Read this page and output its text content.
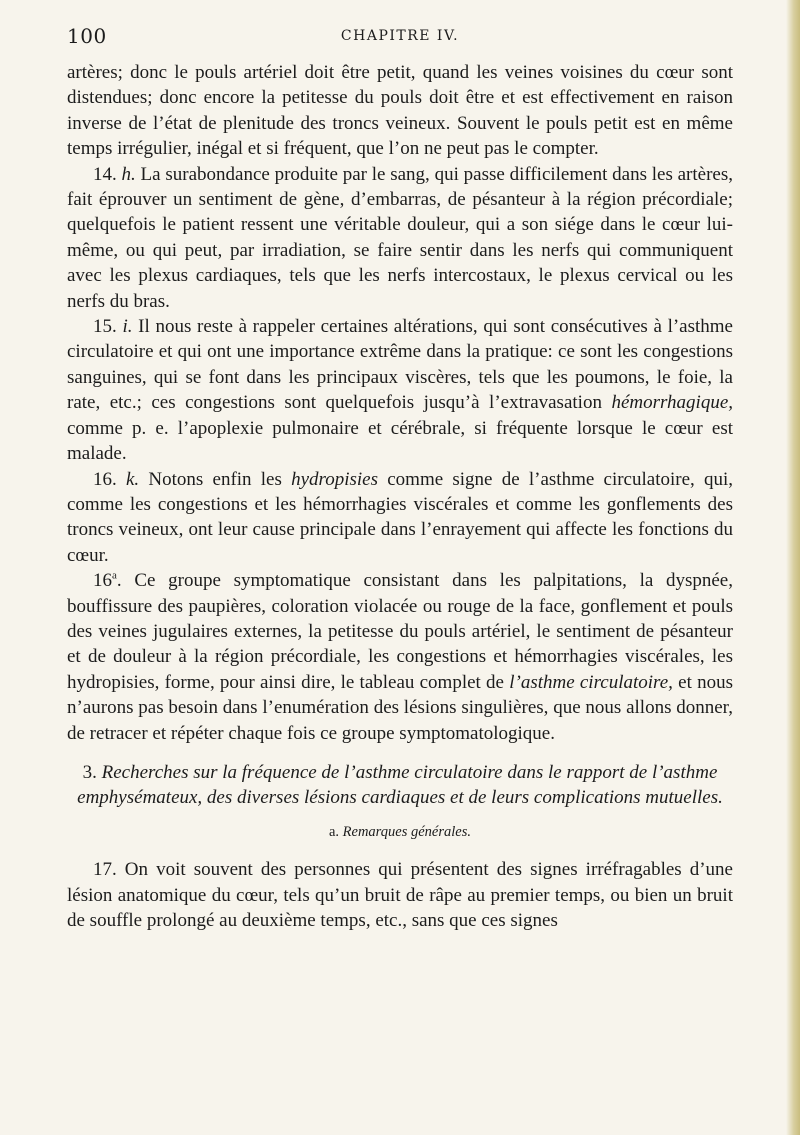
100	CHAPITRE IV.

artères; donc le pouls artériel doit être petit, quand les veines voisines du cœur sont distendues; donc encore la petitesse du pouls doit être et est effectivement en raison inverse de l’état de plenitude des troncs veineux. Souvent le pouls petit est en même temps irrégulier, inégal et si fréquent, que l’on ne peut pas le compter.

14. h. La surabondance produite par le sang, qui passe difficilement dans les artères, fait éprouver un sentiment de gène, d’embarras, de pésanteur à la région précordiale; quelquefois le patient ressent une véritable douleur, qui a son siége dans le cœur lui-même, ou qui peut, par irradiation, se faire sentir dans les nerfs qui communiquent avec les plexus cardiaques, tels que les nerfs intercostaux, le plexus cervical ou les nerfs du bras.

15. i. Il nous reste à rappeler certaines altérations, qui sont consécutives à l’asthme circulatoire et qui ont une importance extrême dans la pratique: ce sont les congestions sanguines, qui se font dans les principaux viscères, tels que les poumons, le foie, la rate, etc.; ces congestions sont quelquefois jusqu’à l’extravasation hémorrhagique, comme p. e. l’apoplexie pulmonaire et cérébrale, si fréquente lorsque le cœur est malade.

16. k. Notons enfin les hydropisies comme signe de l’asthme circulatoire, qui, comme les congestions et les hémorrhagies viscérales et comme les gonflements des troncs veineux, ont leur cause principale dans l’enrayement qui affecte les fonctions du cœur.

16$^a$. Ce groupe symptomatique consistant dans les palpitations, la dyspnée, bouffissure des paupières, coloration violacée ou rouge de la face, gonflement et pouls des veines jugulaires externes, la petitesse du pouls artériel, le sentiment de pésanteur et de douleur à la région précordiale, les congestions et hémorrhagies viscérales, les hydropisies, forme, pour ainsi dire, le tableau complet de l’asthme circulatoire, et nous n’aurons pas besoin dans l’enumération des lésions singulières, que nous allons donner, de retracer et répéter chaque fois ce groupe symptomatologique.

3. Recherches sur la fréquence de l’asthme circulatoire dans le rapport de l’asthme emphysémateux, des diverses lésions cardiaques et de leurs complications mutuelles.
a. Remarques générales.

17. On voit souvent des personnes qui présentent des signes irréfragables d’une lésion anatomique du cœur, tels qu’un bruit de râpe au premier temps, ou bien un bruit de souffle prolongé au deuxième temps, etc., sans que ces signes
